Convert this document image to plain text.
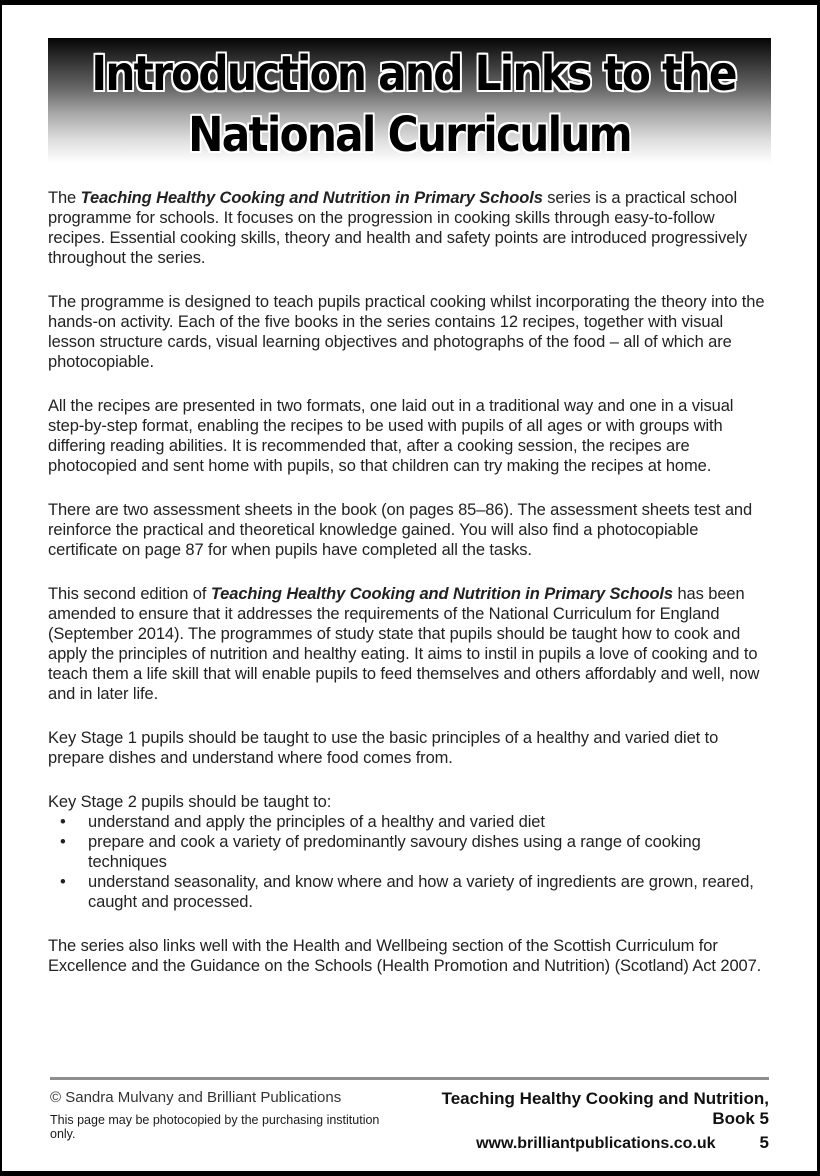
Introduction and Links to the
National Curriculum

The Teaching Healthy Cooking and Nutrition in Primary Schools series is a practical school programme for schools. It focuses on the progression in cooking skills through easy-to-follow recipes. Essential cooking skills, theory and health and safety points are introduced progressively throughout the series.

The programme is designed to teach pupils practical cooking whilst incorporating the theory into the hands-on activity. Each of the five books in the series contains 12 recipes, together with visual lesson structure cards, visual learning objectives and photographs of the food – all of which are photocopiable.

All the recipes are presented in two formats, one laid out in a traditional way and one in a visual step-by-step format, enabling the recipes to be used with pupils of all ages or with groups with differing reading abilities. It is recommended that, after a cooking session, the recipes are photocopied and sent home with pupils, so that children can try making the recipes at home.

There are two assessment sheets in the book (on pages 85–86). The assessment sheets test and reinforce the practical and theoretical knowledge gained. You will also find a photocopiable certificate on page 87 for when pupils have completed all the tasks.

This second edition of Teaching Healthy Cooking and Nutrition in Primary Schools has been amended to ensure that it addresses the requirements of the National Curriculum for England (September 2014). The programmes of study state that pupils should be taught how to cook and apply the principles of nutrition and healthy eating. It aims to instil in pupils a love of cooking and to teach them a life skill that will enable pupils to feed themselves and others affordably and well, now and in later life.

Key Stage 1 pupils should be taught to use the basic principles of a healthy and varied diet to prepare dishes and understand where food comes from.

Key Stage 2 pupils should be taught to:

•	understand and apply the principles of a healthy and varied diet
•	prepare and cook a variety of predominantly savoury dishes using a range of cooking techniques
•	understand seasonality, and know where and how a variety of ingredients are grown, reared, caught and processed.

The series also links well with the Health and Wellbeing section of the Scottish Curriculum for Excellence and the Guidance on the Schools (Health Promotion and Nutrition) (Scotland) Act 2007.

© Sandra Mulvany and Brilliant Publications
This page may be photocopied by the purchasing institution only.
Teaching Healthy Cooking and Nutrition, Book 5
www.brilliantpublications.co.uk	5
